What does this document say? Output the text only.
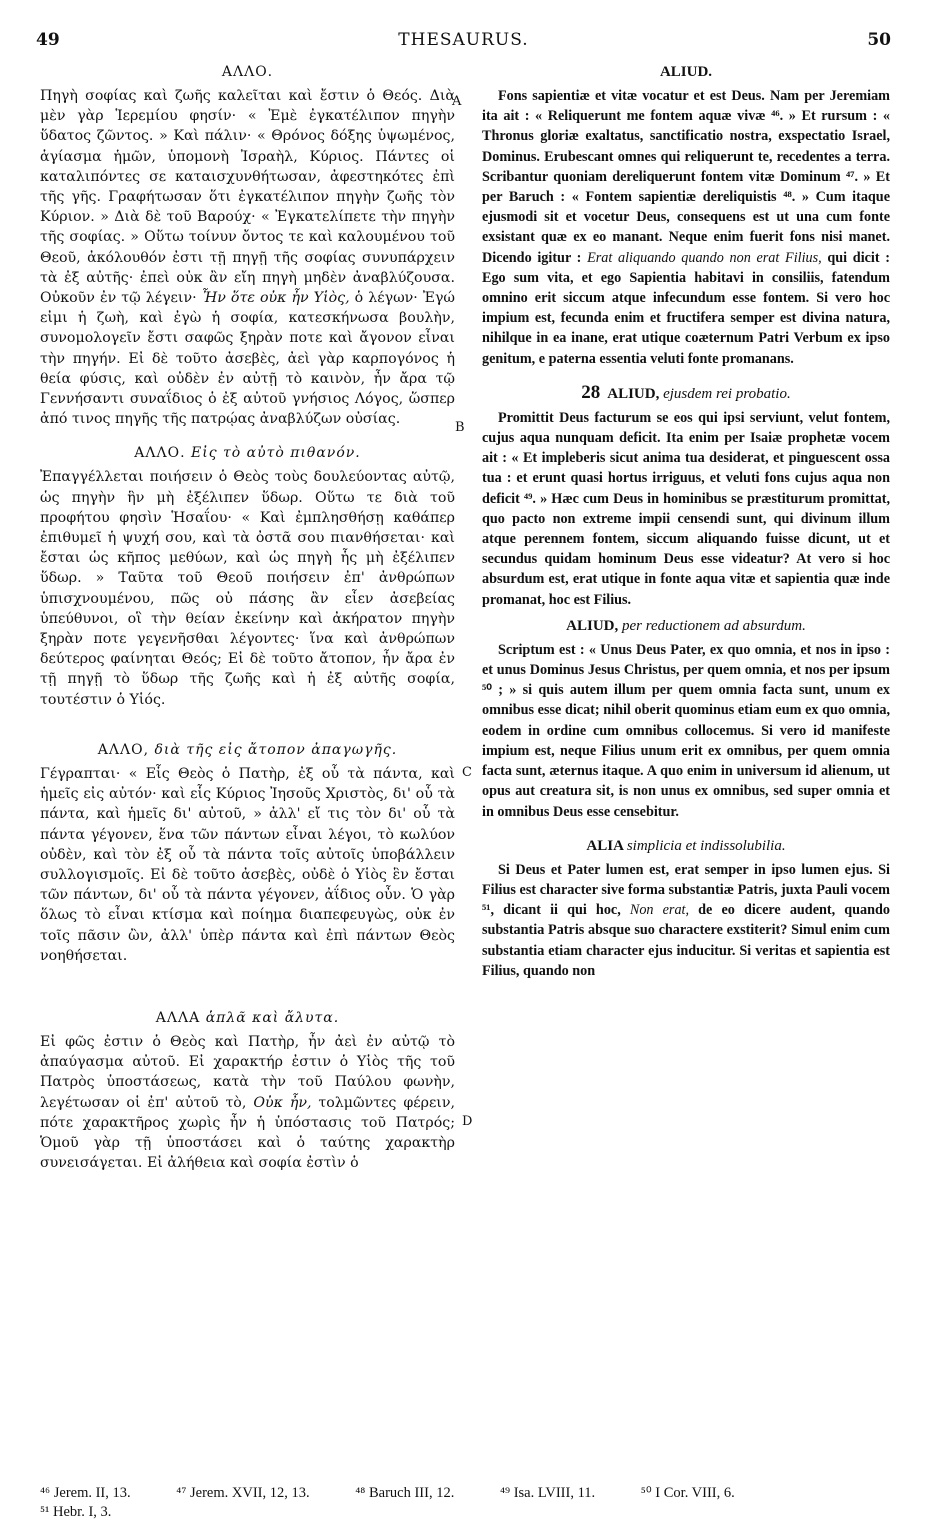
49	THESAURUS.	50

ΑΛΛΟ.

Πηγὴ σοφίας καὶ ζωῆς καλεῖται καὶ ἔστιν ὁ Θεός. Διὰ μὲν γὰρ Ἱερεμίου φησίν· « Ἐμὲ ἐγκατέλιπον πηγὴν ὕδατος ζῶντος. » Καὶ πάλιν· « Θρόνος δόξης ὑψωμένος, ἁγίασμα ἡμῶν, ὑπομονὴ Ἰσραὴλ, Κύριος. Πάντες οἱ καταλιπόντες σε καταισχυνθήτωσαν, ἀφεστηκότες ἐπὶ τῆς γῆς. Γραφήτωσαν ὅτι ἐγκατέλιπον πηγὴν ζωῆς τὸν Κύριον. » Διὰ δὲ τοῦ Βαρούχ· « Ἐγκατελίπετε τὴν πηγὴν τῆς σοφίας. » Οὕτω τοίνυν ὄντος τε καὶ καλουμένου τοῦ Θεοῦ, ἀκόλουθόν ἐστι τῇ πηγῇ τῆς σοφίας συνυπάρχειν τὰ ἐξ αὐτῆς· ἐπεὶ οὐκ ἂν εἴη πηγὴ μηδὲν ἀναβλύζουσα. Οὐκοῦν ἐν τῷ λέγειν· Ἦν ὅτε οὐκ ἦν Υἱὸς, ὁ λέγων· Ἐγώ εἰμι ἡ ζωὴ, καὶ ἐγὼ ἡ σοφία, κατεσκήνωσα βουλὴν, συνομολογεῖν ἔστι σαφῶς ξηρὰν ποτε καὶ ἄγονον εἶναι τὴν πηγήν. Εἰ δὲ τοῦτο ἀσεβὲς, ἀεὶ γὰρ καρπογόνος ἡ θεία φύσις, καὶ οὐδὲν ἐν αὐτῇ τὸ καινὸν, ἦν ἄρα τῷ Γεννήσαντι συναΐδιος ὁ ἐξ αὐτοῦ γνήσιος Λόγος, ὥσπερ ἀπό τινος πηγῆς τῆς πατρῴας ἀναβλύζων οὐσίας.

ΑΛΛΟ. Εἰς τὸ αὐτὸ πιθανόν.

Ἐπαγγέλλεται ποιήσειν ὁ Θεὸς τοὺς δουλεύοντας αὐτῷ, ὡς πηγὴν ἣν μὴ ἐξέλιπεν ὕδωρ. Οὕτω τε διὰ τοῦ προφήτου φησὶν Ἡσαΐου· « Καὶ ἐμπλησθήσῃ καθάπερ ἐπιθυμεῖ ἡ ψυχή σου, καὶ τὰ ὀστᾶ σου πιανθήσεται· καὶ ἔσται ὡς κῆπος μεθύων, καὶ ὡς πηγὴ ἧς μὴ ἐξέλιπεν ὕδωρ. » Ταῦτα τοῦ Θεοῦ ποιήσειν ἐπ' ἀνθρώπων ὑπισχνουμένου, πῶς οὐ πάσης ἂν εἶεν ἀσεβείας ὑπεύθυνοι, οἳ τὴν θείαν ἐκείνην καὶ ἀκήρατον πηγὴν ξηρὰν ποτε γεγενῆσθαι λέγοντες· ἵνα καὶ ἀνθρώπων δεύτερος φαίνηται Θεός; Εἰ δὲ τοῦτο ἄτοπον, ἦν ἄρα ἐν τῇ πηγῇ τὸ ὕδωρ τῆς ζωῆς καὶ ἡ ἐξ αὐτῆς σοφία, τουτέστιν ὁ Υἱός.

ΑΛΛΟ, διὰ τῆς εἰς ἄτοπον ἀπαγωγῆς.

Γέγραπται· « Εἷς Θεὸς ὁ Πατὴρ, ἐξ οὗ τὰ πάντα, καὶ ἡμεῖς εἰς αὐτόν· καὶ εἷς Κύριος Ἰησοῦς Χριστὸς, δι' οὗ τὰ πάντα, καὶ ἡμεῖς δι' αὐτοῦ, » ἀλλ' εἴ τις τὸν δι' οὗ τὰ πάντα γέγονεν, ἕνα τῶν πάντων εἶναι λέγοι, τὸ κωλύον οὐδὲν, καὶ τὸν ἐξ οὗ τὰ πάντα τοῖς αὐτοῖς ὑποβάλλειν συλλογισμοῖς. Εἰ δὲ τοῦτο ἀσεβὲς, οὐδὲ ὁ Υἱὸς ἓν ἔσται τῶν πάντων, δι' οὗ τὰ πάντα γέγονεν, ἀΐδιος οὖν. Ὁ γὰρ ὅλως τὸ εἶναι κτίσμα καὶ ποίημα διαπεφευγὼς, οὐκ ἐν τοῖς πᾶσιν ὢν, ἀλλ' ὑπὲρ πάντα καὶ ἐπὶ πάντων Θεὸς νοηθήσεται.

ΑΛΛΑ ἁπλᾶ καὶ ἄλυτα.

Εἰ φῶς ἐστιν ὁ Θεὸς καὶ Πατὴρ, ἦν ἀεὶ ἐν αὐτῷ τὸ ἀπαύγασμα αὐτοῦ. Εἰ χαρακτήρ ἐστιν ὁ Υἱὸς τῆς τοῦ Πατρὸς ὑποστάσεως, κατὰ τὴν τοῦ Παύλου φωνὴν, λεγέτωσαν οἱ ἐπ' αὐτοῦ τὸ, Οὐκ ἦν, τολμῶντες φέρειν, πότε χαρακτῆρος χωρὶς ἦν ἡ ὑπόστασις τοῦ Πατρός; Ὁμοῦ γὰρ τῇ ὑποστάσει καὶ ὁ ταύτης χαρακτὴρ συνεισάγεται. Εἰ ἀλήθεια καὶ σοφία ἐστὶν ὁ

A
B
C
D

ALIUD.

Fons sapientiæ et vitæ vocatur et est Deus. Nam per Jeremiam ita ait : « Reliquerunt me fontem aquæ vivæ ⁴⁶. » Et rursum : « Thronus gloriæ exaltatus, sanctificatio nostra, exspectatio Israel, Dominus. Erubescant omnes qui reliquerunt te, recedentes a terra. Scribantur quoniam dereliquerunt fontem vitæ Dominum ⁴⁷. » Et per Baruch : « Fontem sapientiæ dereliquistis ⁴⁸. » Cum itaque ejusmodi sit et vocetur Deus, consequens est ut una cum fonte exsistant quæ ex eo manant. Neque enim fuerit fons nisi manet. Dicendo igitur : Erat aliquando quando non erat Filius, qui dicit : Ego sum vita, et ego Sapientia habitavi in consiliis, fatendum omnino erit siccum atque infecundum esse fontem. Si vero hoc impium est, fecunda enim et fructifera semper est divina natura, nihilque in ea inane, erat utique coæternum Patri Verbum ex ipso genitum, e paterna essentia veluti fonte promanans.

28 ALIUD, ejusdem rei probatio.

Promittit Deus facturum se eos qui ipsi serviunt, velut fontem, cujus aqua nunquam deficit. Ita enim per Isaiæ prophetæ vocem ait : « Et impleberis sicut anima tua desiderat, et pinguescent ossa tua : et erunt quasi hortus irriguus, et veluti fons cujus aqua non deficit ⁴⁹. » Hæc cum Deus in hominibus se præstiturum promittat, quo pacto non extreme impii censendi sunt, qui divinum illum atque perennem fontem, siccum aliquando fuisse dicunt, ut et secundus quidam hominum Deus esse videatur? At vero si hoc absurdum est, erat utique in fonte aqua vitæ et sapientia quæ inde promanat, hoc est Filius.

ALIUD, per reductionem ad absurdum.

Scriptum est : « Unus Deus Pater, ex quo omnia, et nos in ipso : et unus Dominus Jesus Christus, per quem omnia, et nos per ipsum ⁵⁰ ; » si quis autem illum per quem omnia facta sunt, unum ex omnibus esse dicat; nihil oberit quominus etiam eum ex quo omnia, eodem in ordine cum omnibus collocemus. Si vero id manifeste impium est, neque Filius unum erit ex omnibus, per quem omnia facta sunt, æternus itaque. A quo enim in universum id alienum, ut opus aut creatura sit, is non unus ex omnibus, sed super omnia et in omnibus Deus esse censebitur.

ALIA simplicia et indissolubilia.

Si Deus et Pater lumen est, erat semper in ipso lumen ejus. Si Filius est character sive forma substantiæ Patris, juxta Pauli vocem ⁵¹, dicant ii qui hoc, Non erat, de eo dicere audent, quando substantia Patris absque suo charactere exstiterit? Simul enim cum substantia etiam character ejus inducitur. Si veritas et sapientia est Filius, quando non

⁴⁶ Jerem. II, 13.	⁴⁷ Jerem. XVII, 12, 13.	⁴⁸ Baruch III, 12.	⁴⁹ Isa. LVIII, 11.	⁵⁰ I Cor. VIII, 6.
⁵¹ Hebr. I, 3.
